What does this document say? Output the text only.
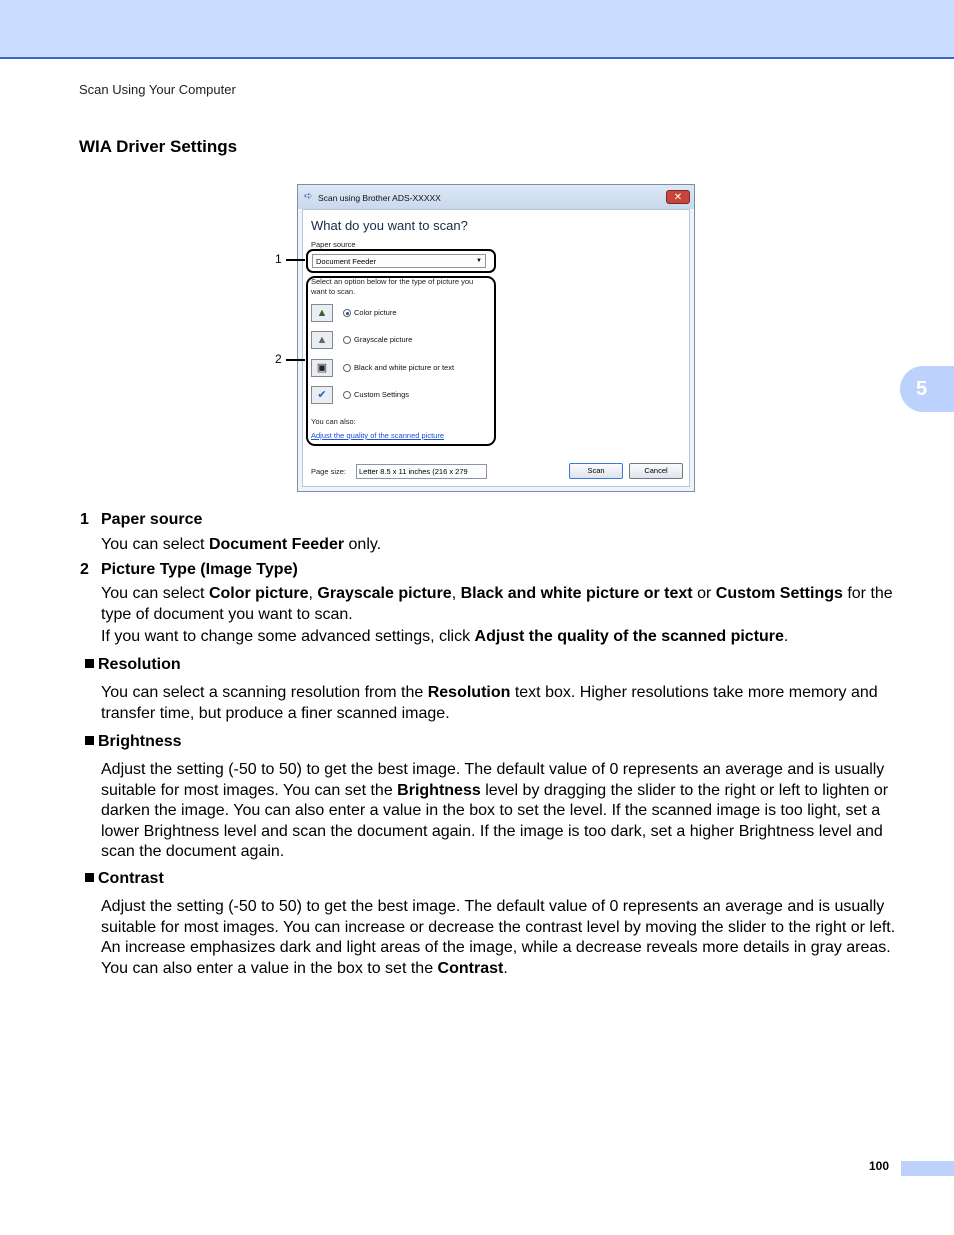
Scan Using Your Computer
WIA Driver Settings
5
➪ Scan using Brother ADS-XXXXX	✕
What do you want to scan?
Paper source
Document Feeder	▼
Select an option below for the type of picture you want to scan.
▲	Color picture
▲	Grayscale picture
▣	Black and white picture or text
✔	Custom Settings
You can also:
Adjust the quality of the scanned picture
Page size:	Letter 8.5 x 11 inches (216 x 279	Scan	Cancel
1
2
1 Paper source
You can select Document Feeder only.
2 Picture Type (Image Type)
You can select Color picture, Grayscale picture, Black and white picture or text or Custom Settings for the type of document you want to scan.
If you want to change some advanced settings, click Adjust the quality of the scanned picture.
Resolution
You can select a scanning resolution from the Resolution text box. Higher resolutions take more memory and transfer time, but produce a finer scanned image.
Brightness
Adjust the setting (-50 to 50) to get the best image. The default value of 0 represents an average and is usually suitable for most images. You can set the Brightness level by dragging the slider to the right or left to lighten or darken the image. You can also enter a value in the box to set the level. If the scanned image is too light, set a lower Brightness level and scan the document again. If the image is too dark, set a higher Brightness level and scan the document again.
Contrast
Adjust the setting (-50 to 50) to get the best image. The default value of 0 represents an average and is usually suitable for most images. You can increase or decrease the contrast level by moving the slider to the right or left. An increase emphasizes dark and light areas of the image, while a decrease reveals more details in gray areas. You can also enter a value in the box to set the Contrast.
100
